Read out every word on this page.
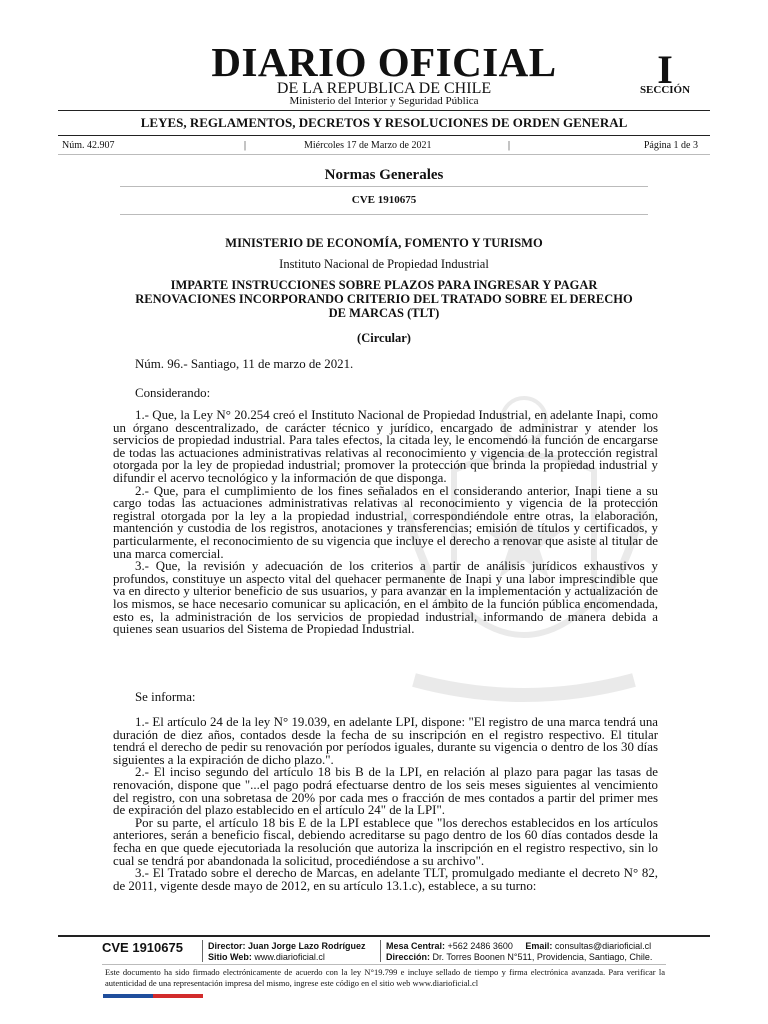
DIARIO OFICIAL
DE LA REPUBLICA DE CHILE
Ministerio del Interior y Seguridad Pública
I
SECCIÓN
LEYES, REGLAMENTOS, DECRETOS Y RESOLUCIONES DE ORDEN GENERAL
Núm. 42.907	|	Miércoles 17 de Marzo de 2021	|	Página 1 de 3
Normas Generales
CVE 1910675
MINISTERIO DE ECONOMÍA, FOMENTO Y TURISMO
Instituto Nacional de Propiedad Industrial
IMPARTE INSTRUCCIONES SOBRE PLAZOS PARA INGRESAR Y PAGAR RENOVACIONES INCORPORANDO CRITERIO DEL TRATADO SOBRE EL DERECHO DE MARCAS (TLT)
(Circular)
Núm. 96.- Santiago, 11 de marzo de 2021.
Considerando:

1.- Que, la Ley N° 20.254 creó el Instituto Nacional de Propiedad Industrial, en adelante Inapi, como un órgano descentralizado, de carácter técnico y jurídico, encargado de administrar y atender los servicios de propiedad industrial. Para tales efectos, la citada ley, le encomendó la función de encargarse de todas las actuaciones administrativas relativas al reconocimiento y vigencia de la protección registral otorgada por la ley de propiedad industrial; promover la protección que brinda la propiedad industrial y difundir el acervo tecnológico y la información de que disponga.

2.- Que, para el cumplimiento de los fines señalados en el considerando anterior, Inapi tiene a su cargo todas las actuaciones administrativas relativas al reconocimiento y vigencia de la protección registral otorgada por la ley a la propiedad industrial, correspondiéndole entre otras, la elaboración, mantención y custodia de los registros, anotaciones y transferencias; emisión de títulos y certificados, y particularmente, el reconocimiento de su vigencia que incluye el derecho a renovar que asiste al titular de una marca comercial.

3.- Que, la revisión y adecuación de los criterios a partir de análisis jurídicos exhaustivos y profundos, constituye un aspecto vital del quehacer permanente de Inapi y una labor imprescindible que va en directo y ulterior beneficio de sus usuarios, y para avanzar en la implementación y actualización de los mismos, se hace necesario comunicar su aplicación, en el ámbito de la función pública encomendada, esto es, la administración de los servicios de propiedad industrial, informando de manera debida a quienes sean usuarios del Sistema de Propiedad Industrial.

Se informa:

1.- El artículo 24 de la ley N° 19.039, en adelante LPI, dispone: "El registro de una marca tendrá una duración de diez años, contados desde la fecha de su inscripción en el registro respectivo. El titular tendrá el derecho de pedir su renovación por períodos iguales, durante su vigencia o dentro de los 30 días siguientes a la expiración de dicho plazo.".

2.- El inciso segundo del artículo 18 bis B de la LPI, en relación al plazo para pagar las tasas de renovación, dispone que "...el pago podrá efectuarse dentro de los seis meses siguientes al vencimiento del registro, con una sobretasa de 20% por cada mes o fracción de mes contados a partir del primer mes de expiración del plazo establecido en el artículo 24" de la LPI".

Por su parte, el artículo 18 bis E de la LPI establece que "los derechos establecidos en los artículos anteriores, serán a beneficio fiscal, debiendo acreditarse su pago dentro de los 60 días contados desde la fecha en que quede ejecutoriada la resolución que autoriza la inscripción en el registro respectivo, sin lo cual se tendrá por abandonada la solicitud, procediéndose a su archivo".

3.- El Tratado sobre el derecho de Marcas, en adelante TLT, promulgado mediante el decreto N° 82, de 2011, vigente desde mayo de 2012, en su artículo 13.1.c), establece, a su turno:

CVE 1910675	Director: Juan Jorge Lazo Rodríguez
Sitio Web: www.diarioficial.cl
Mesa Central: +562 2486 3600 Email: consultas@diarioficial.cl
Dirección: Dr. Torres Boonen N°511, Providencia, Santiago, Chile.
Este documento ha sido firmado electrónicamente de acuerdo con la ley N°19.799 e incluye sellado de tiempo y firma electrónica avanzada. Para verificar la autenticidad de una representación impresa del mismo, ingrese este código en el sitio web www.diarioficial.cl
